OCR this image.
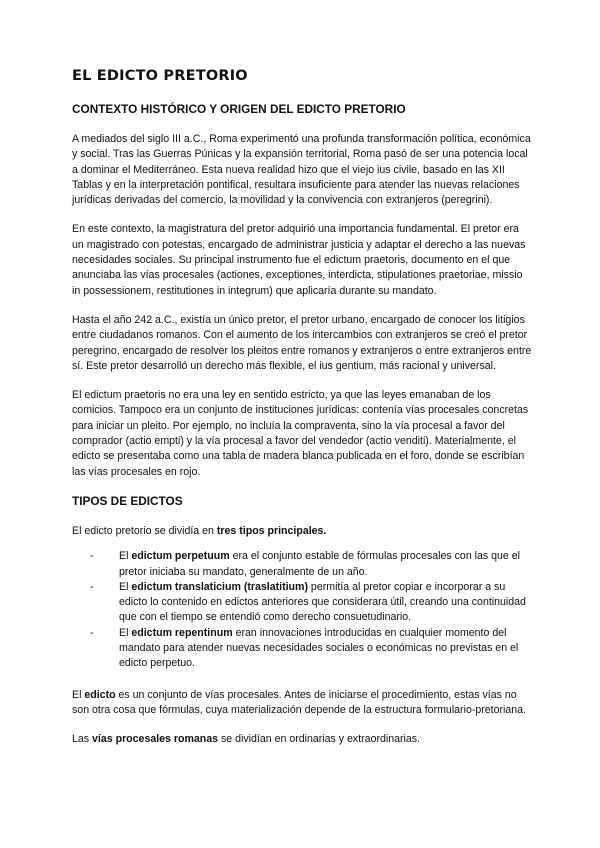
EL EDICTO PRETORIO
CONTEXTO HISTÓRICO Y ORIGEN DEL EDICTO PRETORIO

A mediados del siglo III a.C., Roma experimentó una profunda transformación política, económica y social. Tras las Guerras Púnicas y la expansión territorial, Roma pasó de ser una potencia local a dominar el Mediterráneo. Esta nueva realidad hizo que el viejo ius civile, basado en las XII Tablas y en la interpretación pontifical, resultara insuficiente para atender las nuevas relaciones jurídicas derivadas del comercio, la movilidad y la convivencia con extranjeros (peregrini).

En este contexto, la magistratura del pretor adquirió una importancia fundamental. El pretor era un magistrado con potestas, encargado de administrar justicia y adaptar el derecho a las nuevas necesidades sociales. Su principal instrumento fue el edictum praetoris, documento en el que anunciaba las vías procesales (actiones, exceptiones, interdicta, stipulationes praetoriae, missio in possessionem, restitutiones in integrum) que aplicaría durante su mandato.

Hasta el año 242 a.C., existía un único pretor, el pretor urbano, encargado de conocer los litigios entre ciudadanos romanos. Con el aumento de los intercambios con extranjeros se creó el pretor peregrino, encargado de resolver los pleitos entre romanos y extranjeros o entre extranjeros entre sí. Este pretor desarrolló un derecho más flexible, el ius gentium, más racional y universal.

El edictum praetoris no era una ley en sentido estricto, ya que las leyes emanaban de los comicios. Tampoco era un conjunto de instituciones jurídicas: contenía vías procesales concretas para iniciar un pleito. Por ejemplo, no incluía la compraventa, sino la vía procesal a favor del comprador (actio empti) y la vía procesal a favor del vendedor (actio venditi). Materialmente, el edicto se presentaba como una tabla de madera blanca publicada en el foro, donde se escribían las vías procesales en rojo.

TIPOS DE EDICTOS

El edicto pretorio se dividía en tres tipos principales.

- El edictum perpetuum era el conjunto estable de fórmulas procesales con las que el pretor iniciaba su mandato, generalmente de un año.
- El edictum translaticium (traslatitium) permitía al pretor copiar e incorporar a su edicto lo contenido en edictos anteriores que considerara útil, creando una continuidad que con el tiempo se entendió como derecho consuetudinario.
- El edictum repentinum eran innovaciones introducidas en cualquier momento del mandato para atender nuevas necesidades sociales o económicas no previstas en el edicto perpetuo.

El edicto es un conjunto de vías procesales. Antes de iniciarse el procedimiento, estas vías no son otra cosa que fórmulas, cuya materialización depende de la estructura formulario-pretoriana.

Las vías procesales romanas se dividían en ordinarias y extraordinarias.
